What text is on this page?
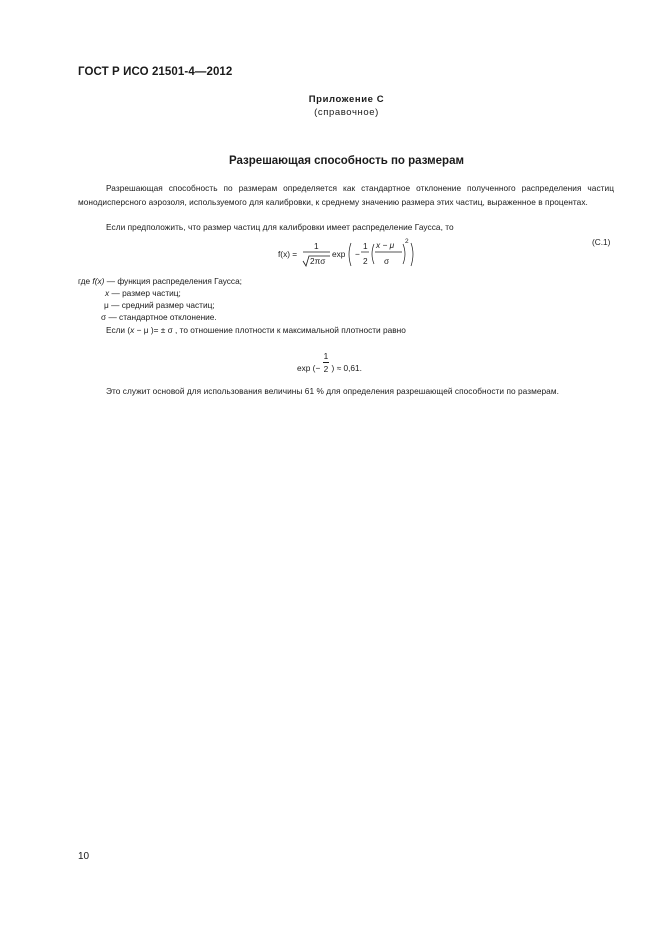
ГОСТ Р ИСО 21501-4—2012
Приложение С
(справочное)
Разрешающая способность по размерам
Разрешающая способность по размерам определяется как стандартное отклонение полученного распределения частиц монодисперсного аэрозоля, используемого для калибровки, к среднему значению размера этих частиц, выраженное в процентах.
Если предположить, что размер частиц для калибровки имеет распределение Гаусса, то
f(x) =
1
2πσ
exp −
1
2
x − μ
σ
2	(C.1)
где f(x) — функция распределения Гаусса;
x — размер частиц;
μ — средний размер частиц;
σ — стандартное отклонение.
Если (x − μ )= ± σ , то отношение плотности к максимальной плотности равно
exp (− $\frac{1}{2}$ ) ≈ 0,61.
Это служит основой для использования величины 61 % для определения разрешающей способности по размерам.
10
